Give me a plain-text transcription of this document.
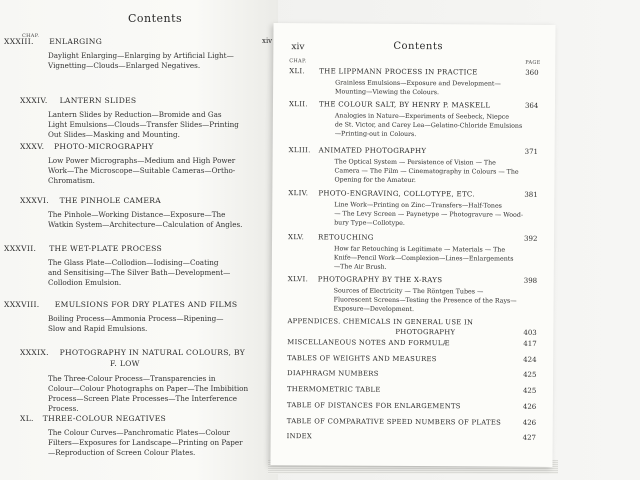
Contents
CHAP.
XXXIII. ENLARGING	xiv
Daylight Enlarging—Enlarging by Artificial Light—
Vignetting—Clouds—Enlarged Negatives.
XXXIV. LANTERN SLIDES
Lantern Slides by Reduction—Bromide and Gas
Light Emulsions—Clouds—Transfer Slides—Printing
Out Slides—Masking and Mounting.
XXXV. PHOTO-MICROGRAPHY
Low Power Micrographs—Medium and High Power
Work—The Microscope—Suitable Cameras—Ortho-
Chromatism.
XXXVI. THE PINHOLE CAMERA
The Pinhole—Working Distance—Exposure—The
Watkin System—Architecture—Calculation of Angles.
XXXVII. THE WET-PLATE PROCESS
The Glass Plate—Collodion—Iodising—Coating
and Sensitising—The Silver Bath—Development—
Collodion Emulsion.
XXXVIII. EMULSIONS FOR DRY PLATES AND FILMS
Boiling Process—Ammonia Process—Ripening—
Slow and Rapid Emulsions.
XXXIX. PHOTOGRAPHY IN NATURAL COLOURS, BY
F. LOW
The Three-Colour Process—Transparencies in
Colour—Colour Photographs on Paper—The Imbibition
Process—Screen Plate Processes—The Interference
Process.
XL. THREE-COLOUR NEGATIVES
The Colour Curves—Panchromatic Plates—Colour
Filters—Exposures for Landscape—Printing on Paper
—Reproduction of Screen Colour Plates.
xiv	Contents
CHAP.	PAGE
XLI. THE LIPPMANN PROCESS IN PRACTICE	360
Grainless Emulsions—Exposure and Development—
Mounting—Viewing the Colours.
XLII. THE COLOUR SALT, BY HENRY P. MASKELL	364
Analogies in Nature—Experiments of Seebeck, Niepce
de St. Victor, and Carey Lea—Gelatino-Chloride Emulsions
—Printing-out in Colours.
XLIII. ANIMATED PHOTOGRAPHY	371
The Optical System — Persistence of Vision — The
Camera — The Film — Cinematography in Colours — The
Opening for the Amateur.
XLIV. PHOTO-ENGRAVING, COLLOTYPE, ETC.	381
Line Work—Printing on Zinc—Transfers—Half-Tones
— The Levy Screen — Paynetype — Photogravure — Wood-
bury Type—Collotype.
XLV. RETOUCHING	392
How far Retouching is Legitimate — Materials — The
Knife—Pencil Work—Complexion—Lines—Enlargements
—The Air Brush.
XLVI. PHOTOGRAPHY BY THE X-RAYS	398
Sources of Electricity — The Röntgen Tubes —
Fluorescent Screens—Testing the Presence of the Rays—
Exposure—Development.
APPENDICES. CHEMICALS IN GENERAL USE IN
PHOTOGRAPHY	403
MISCELLANEOUS NOTES AND FORMULÆ	417
TABLES OF WEIGHTS AND MEASURES	424
DIAPHRAGM NUMBERS	425
THERMOMETRIC TABLE	425
TABLE OF DISTANCES FOR ENLARGEMENTS	426
TABLE OF COMPARATIVE SPEED NUMBERS OF PLATES	426
INDEX	427
